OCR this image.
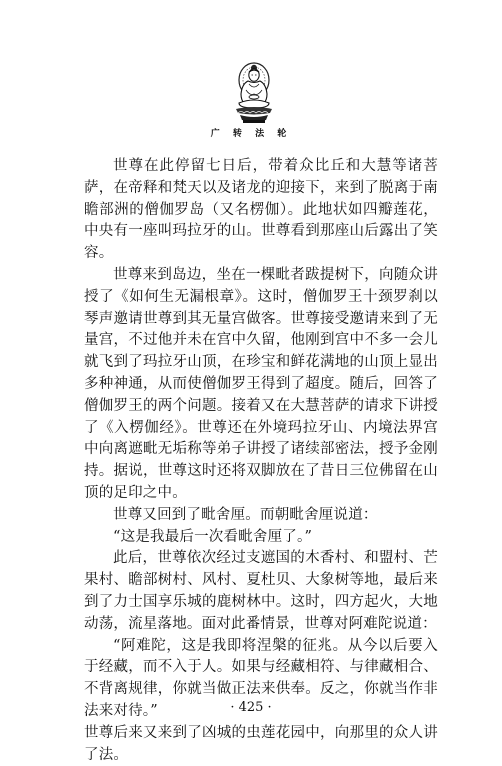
广 转 法 轮

世尊在此停留七日后，带着众比丘和大慧等诸菩萨，在帝释和梵天以及诸龙的迎接下，来到了脱离于南瞻部洲的僧伽罗岛（又名楞伽）。此地状如四瓣莲花，中央有一座叫玛拉牙的山。世尊看到那座山后露出了笑容。

世尊来到岛边，坐在一棵毗者跋提树下，向随众讲授了《如何生无漏根章》。这时，僧伽罗王十颈罗刹以琴声邀请世尊到其无量宫做客。世尊接受邀请来到了无量宫，不过他并未在宫中久留，他刚到宫中不多一会儿就飞到了玛拉牙山顶，在珍宝和鲜花满地的山顶上显出多种神通，从而使僧伽罗王得到了超度。随后，回答了僧伽罗王的两个问题。接着又在大慧菩萨的请求下讲授了《入楞伽经》。世尊还在外境玛拉牙山、内境法界宫中向离遮毗无垢称等弟子讲授了诸续部密法，授予金刚持。据说，世尊这时还将双脚放在了昔日三位佛留在山顶的足印之中。

世尊又回到了毗舍厘。而朝毗舍厘说道：

“这是我最后一次看毗舍厘了。”

此后，世尊依次经过支遮国的木香村、和盟村、芒果村、瞻部树村、风村、夏杜贝、大象树等地，最后来到了力士国享乐城的鹿树林中。这时，四方起火，大地动荡，流星落地。面对此番情景，世尊对阿难陀说道：

“阿难陀，这是我即将涅槃的征兆。从今以后要入于经藏，而不入于人。如果与经藏相符、与律藏相合、不背离规律，你就当做正法来供奉。反之，你就当作非法来对待。”

世尊后来又来到了凶城的虫莲花园中，向那里的众人讲了法。

· 425 ·
